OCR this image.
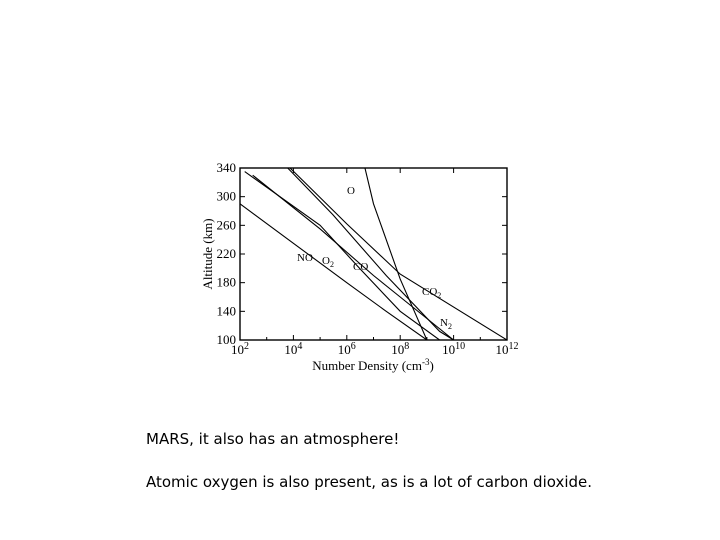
$10^2$	$10^4$	$10^6$	$10^8$	$10^{10}$ $10^{12}$
100
140
180
220
260
300
340
O
$CO_2$
$N_2$
CO
$O_2$
NO
Altitude (km)
Number Density $(cm^{-3})$
MARS, it also has an atmosphere!
Atomic oxygen is also present, as is a lot of carbon dioxide.
